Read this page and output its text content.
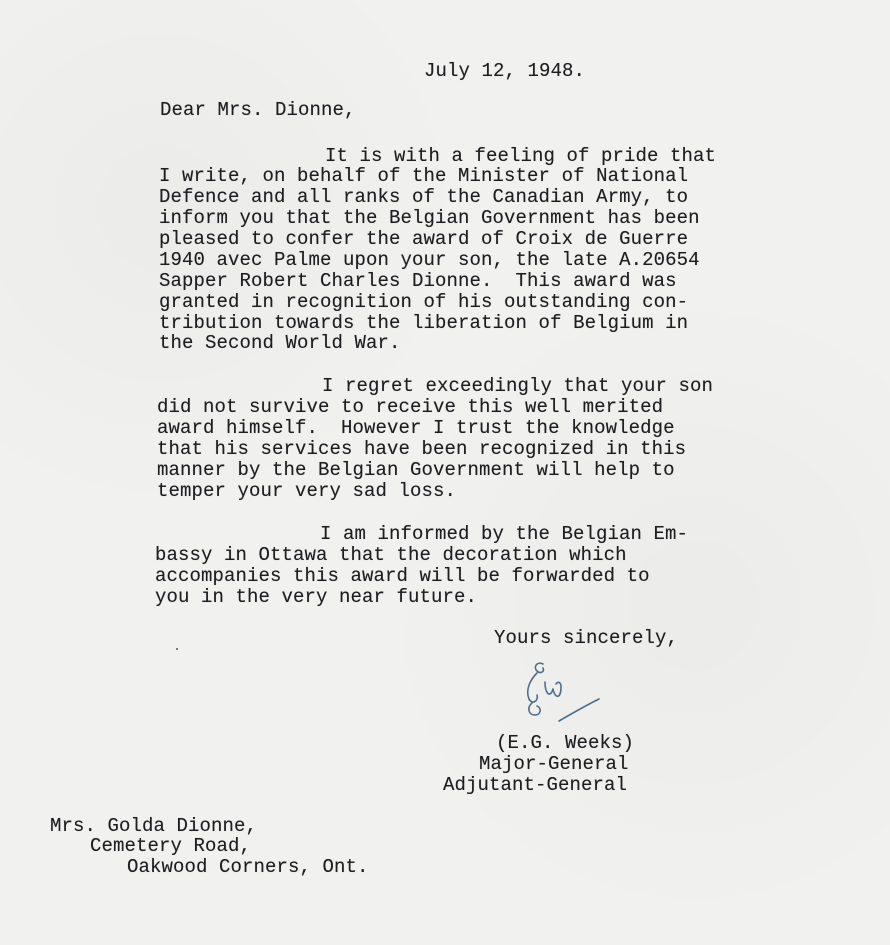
July 12, 1948.
Dear Mrs. Dionne,
It is with a feeling of pride that
I write, on behalf of the Minister of National
Defence and all ranks of the Canadian Army, to
inform you that the Belgian Government has been
pleased to confer the award of Croix de Guerre
1940 avec Palme upon your son, the late A.20654
Sapper Robert Charles Dionne.  This award was
granted in recognition of his outstanding con-
tribution towards the liberation of Belgium in
the Second World War.
I regret exceedingly that your son
did not survive to receive this well merited
award himself.  However I trust the knowledge
that his services have been recognized in this
manner by the Belgian Government will help to
temper your very sad loss.
I am informed by the Belgian Em-
bassy in Ottawa that the decoration which
accompanies this award will be forwarded to
you in the very near future.
Yours sincerely,
(E.G. Weeks)
Major-General
Adjutant-General
Mrs. Golda Dionne,
Cemetery Road,
Oakwood Corners, Ont.
